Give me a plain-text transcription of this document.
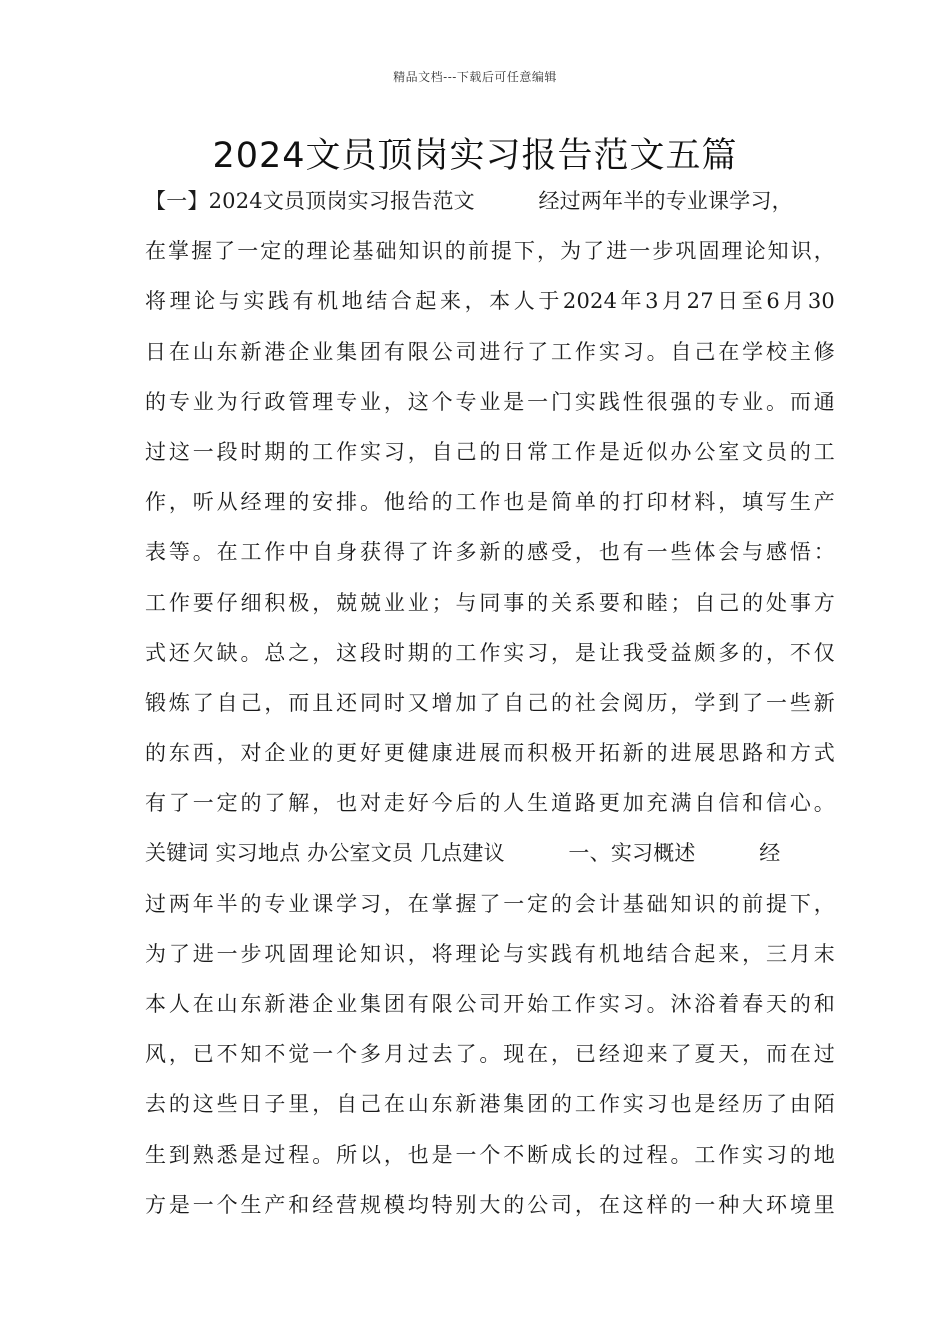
精品文档---下载后可任意编辑
2024文员顶岗实习报告范文五篇
【一】2024文员顶岗实习报告范文　　　经过两年半的专业课学习，
在掌握了一定的理论基础知识的前提下，为了进一步巩固理论知识，
将理论与实践有机地结合起来，本人于2024年3月27日至6月30
日在山东新港企业集团有限公司进行了工作实习。自己在学校主修
的专业为行政管理专业，这个专业是一门实践性很强的专业。而通
过这一段时期的工作实习，自己的日常工作是近似办公室文员的工
作，听从经理的安排。他给的工作也是简单的打印材料，填写生产
表等。在工作中自身获得了许多新的感受，也有一些体会与感悟：
工作要仔细积极，兢兢业业；与同事的关系要和睦；自己的处事方
式还欠缺。总之，这段时期的工作实习，是让我受益颇多的，不仅
锻炼了自己，而且还同时又增加了自己的社会阅历，学到了一些新
的东西，对企业的更好更健康进展而积极开拓新的进展思路和方式
有了一定的了解，也对走好今后的人生道路更加充满自信和信心。
关键词 实习地点 办公室文员 几点建议　　　一、实习概述　　　经
过两年半的专业课学习，在掌握了一定的会计基础知识的前提下，
为了进一步巩固理论知识，将理论与实践有机地结合起来，三月末
本人在山东新港企业集团有限公司开始工作实习。沐浴着春天的和
风，已不知不觉一个多月过去了。现在，已经迎来了夏天，而在过
去的这些日子里，自己在山东新港集团的工作实习也是经历了由陌
生到熟悉是过程。所以，也是一个不断成长的过程。工作实习的地
方是一个生产和经营规模均特别大的公司，在这样的一种大环境里
